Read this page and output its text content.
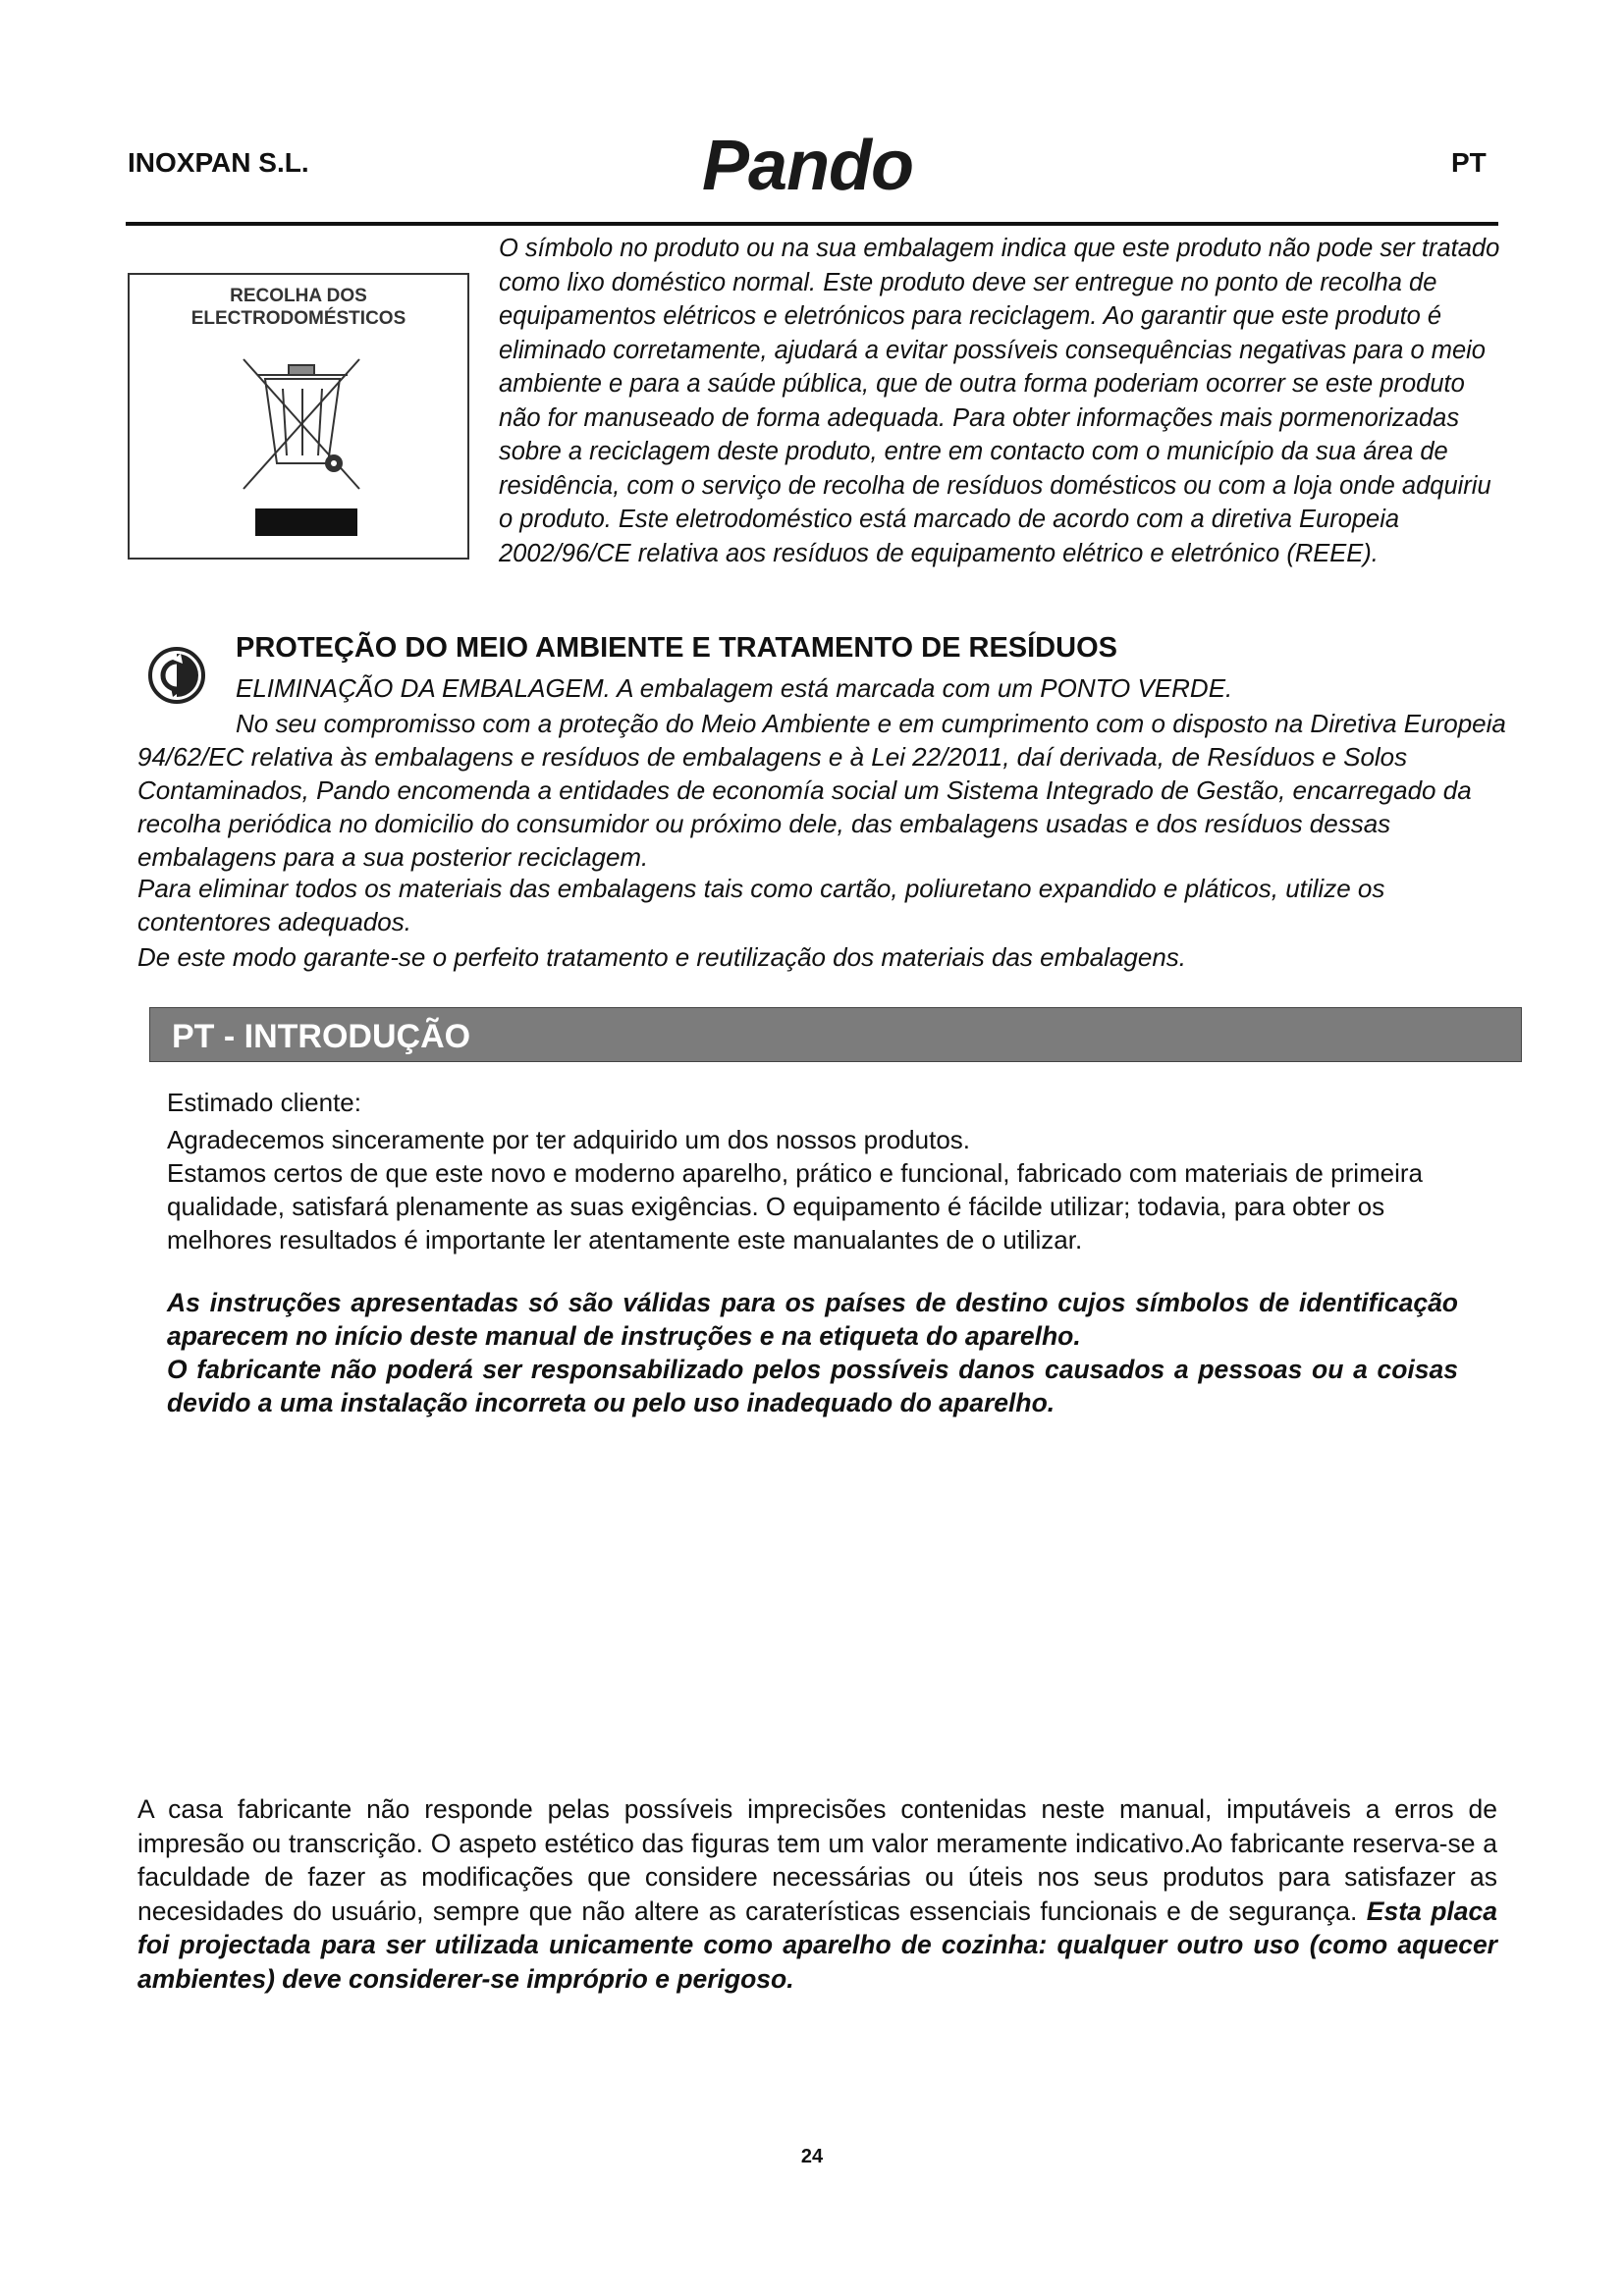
INOXPAN S.L.	Pando	PT
RECOLHA DOS
ELECTRODOMÉSTICOS
O símbolo no produto ou na sua embalagem indica que este produto não pode ser tratado como lixo doméstico normal. Este produto deve ser entregue no ponto de recolha de equipamentos elétricos e eletrónicos para reciclagem. Ao garantir que este produto é eliminado corretamente, ajudará a evitar possíveis consequências negativas para o meio ambiente e para a saúde pública, que de outra forma poderiam ocorrer se este produto não for manuseado de forma adequada. Para obter informações mais pormenorizadas sobre a reciclagem deste produto, entre em contacto com o município da sua área de residência, com o serviço de recolha de resíduos domésticos ou com a loja onde adquiriu o produto. Este eletrodoméstico está marcado de acordo com a diretiva Europeia 2002/96/CE relativa aos resíduos de equipamento elétrico e eletrónico (REEE).
PROTEÇÃO DO MEIO AMBIENTE E TRATAMENTO DE RESÍDUOS
ELIMINAÇÃO DA EMBALAGEM. A embalagem está marcada com um PONTO VERDE.
No seu compromisso com a proteção do Meio Ambiente e em cumprimento com o disposto na Diretiva Europeia 94/62/EC relativa às embalagens e resíduos de embalagens e à Lei 22/2011, daí derivada, de Resíduos e Solos Contaminados, Pando encomenda a entidades de economía social um Sistema Integrado de Gestão, encarregado da recolha periódica no domicilio do consumidor ou próximo dele, das embalagens usadas e dos resíduos dessas embalagens para a sua posterior reciclagem.
Para eliminar todos os materiais das embalagens tais como cartão, poliuretano expandido e pláticos, utilize os contentores adequados.
De este modo garante-se o perfeito tratamento e reutilização dos materiais das embalagens.
PT - INTRODUÇÃO
Estimado cliente:
Agradecemos sinceramente por ter adquirido um dos nossos produtos.
Estamos certos de que este novo e moderno aparelho, prático e funcional, fabricado com materiais de primeira qualidade, satisfará plenamente as suas exigências. O equipamento é fácilde utilizar; todavia, para obter os melhores resultados é importante ler atentamente este manualantes de o utilizar.
As instruções apresentadas só são válidas para os países de destino cujos símbolos de identificação aparecem no início deste manual de instruções e na etiqueta do aparelho.
O fabricante não poderá ser responsabilizado pelos possíveis danos causados a pessoas ou a coisas devido a uma instalação incorreta ou pelo uso inadequado do aparelho.
A casa fabricante não responde pelas possíveis imprecisões contenidas neste manual, imputáveis a erros de impresão ou transcrição. O aspeto estético das figuras tem um valor meramente indicativo.Ao fabricante reserva-se a faculdade de fazer as modificações que considere necessárias ou úteis nos seus produtos para satisfazer as necesidades do usuário, sempre que não altere as caraterísticas essenciais funcionais e de segurança. Esta placa foi projectada para ser utilizada unicamente como aparelho de cozinha: qualquer outro uso (como aquecer ambientes) deve considerer-se impróprio e perigoso.
24
